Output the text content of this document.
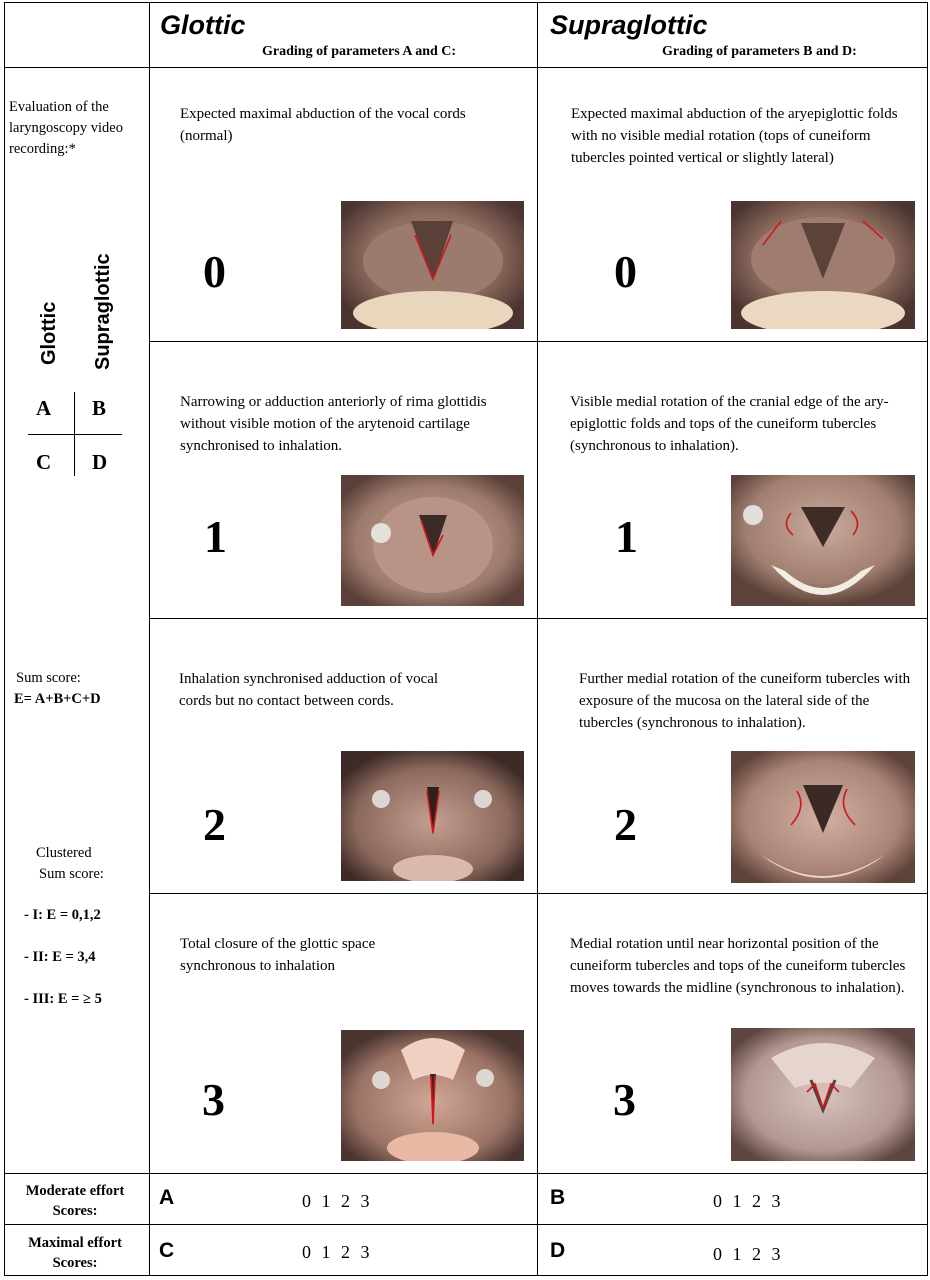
Glottic
Grading of parameters A and C:
Supraglottic
Grading of parameters B and D:
Evaluation of the laryngoscopy video recording:*
Glottic Supraglottic
A B
C D
Sum score:
E= A+B+C+D
Clustered
Sum score:
- I: E = 0,1,2
- II: E = 3,4
- III: E = ≥ 5
Expected maximal abduction of the vocal cords (normal)
0
Expected maximal abduction of the aryepiglottic folds with no visible medial rotation (tops of cuneiform tubercles pointed vertical or slightly lateral)
0
Narrowing or adduction anteriorly of rima glottidis without visible motion of the arytenoid cartilage synchronised to inhalation.
1
Visible medial rotation of the cranial edge of the ary-epiglottic folds and tops of the cuneiform tubercles (synchronous to inhalation).
1
Inhalation synchronised adduction of vocal cords but no contact between cords.
2
Further medial rotation of the cuneiform tubercles with exposure of the mucosa on the lateral side of the tubercles (synchronous to inhalation).
2
Total closure of the glottic space synchronous to inhalation
3
Medial rotation until near horizontal position of the cuneiform tubercles and tops of the cuneiform tubercles moves towards the midline (synchronous to inhalation).
3
Moderate effort Scores:
A	0 1 2 3	B	0 1 2 3
Maximal effort Scores:
C	0 1 2 3	D	0 1 2 3
